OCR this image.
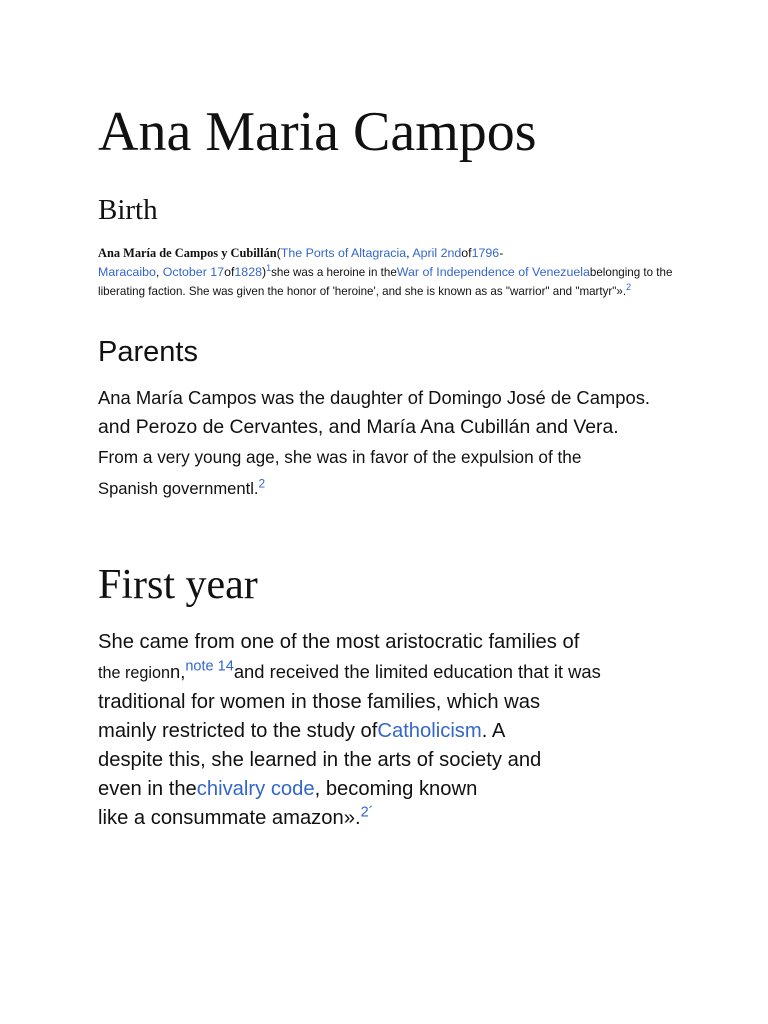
Ana Maria Campos
Birth

Ana María de Campos y Cubillán(The Ports of Altagracia, April 2ndof1796-
Maracaibo, October 17of1828)$^1$she was a heroine in theWar of Independence of Venezuelabelonging to the liberating faction. She was given the honor of 'heroine', and she is known as as "warrior" and "martyr"».$^2$

Parents

Ana María Campos was the daughter of Domingo José de Campos.
and Perozo de Cervantes, and María Ana Cubillán and Vera.
From a very young age, she was in favor of the expulsion of the
Spanish governmentl.$^2$

First year

She came from one of the most aristocratic families of
the regionn,$^{note 14}$and received the limited education that it was
traditional for women in those families, which was
mainly restricted to the study ofCatholicism. A
despite this, she learned in the arts of society and
even in thechivalry code, becoming known
like a consummate amazon».$^{2´}$
